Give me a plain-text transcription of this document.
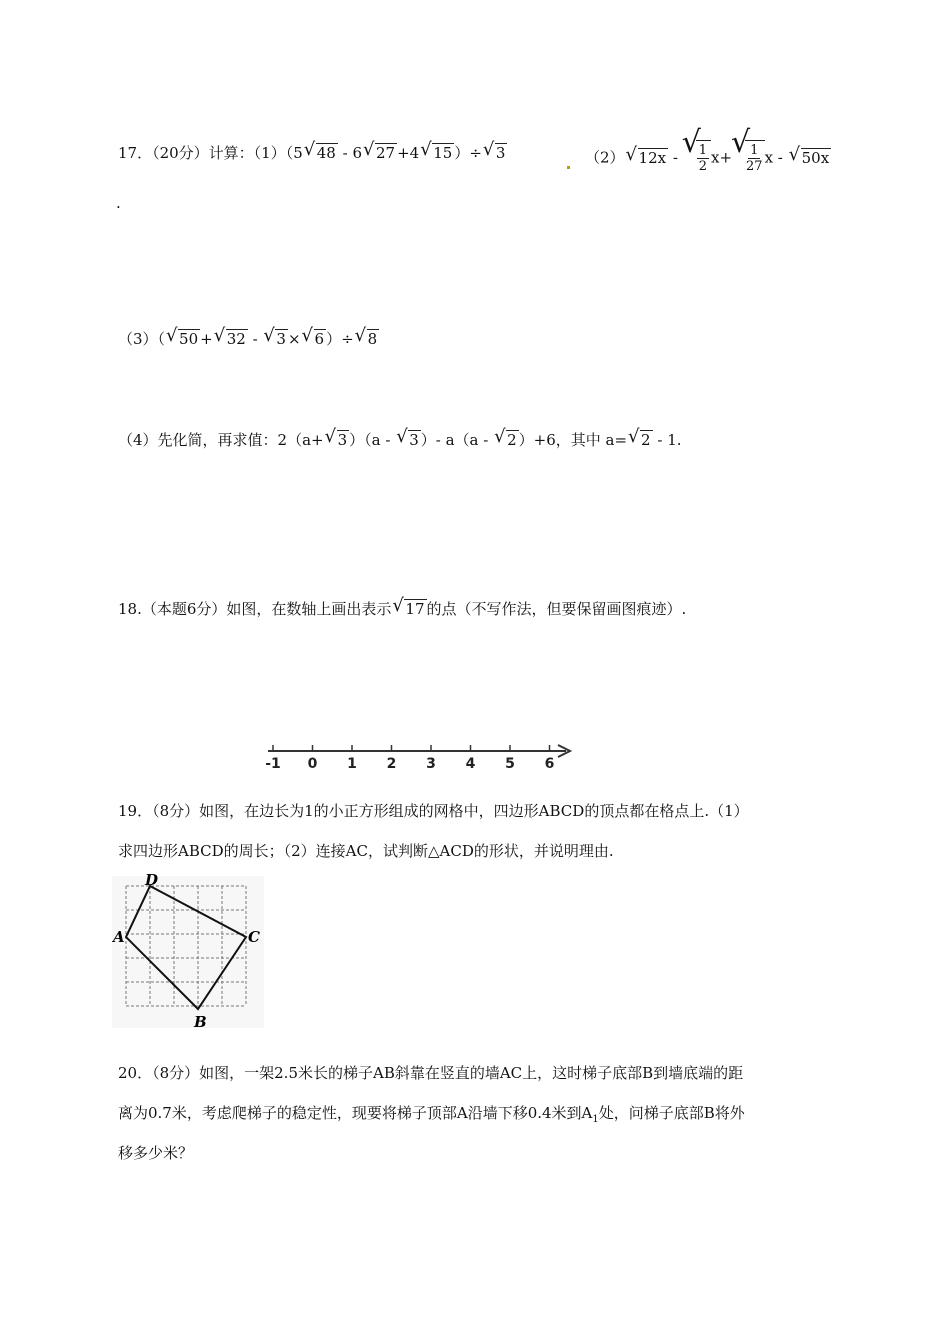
17．（20分）计算：（1）（5 √ 48 - 6 √ 27 +4 √ 15 ）÷ √ 3	（2） √ 12x - √ $\frac{1}{2} x+$ √ $\frac{1}{27}$ x - √ 50x
.
（3）（ √ 50 + √ 32 - √ 3 × √ 6 ）÷ √ 8
（4）先化简，再求值：2（a+ √ 3 ）（a - √ 3 ）- a（a - √ 2 ）+6，其中 a= √ 2 - 1.
18.（本题6分）如图，在数轴上画出表示 √ 17 的点（不写作法，但要保留画图痕迹）.
-1 0 1 2 3 4 5 6
19．（8分）如图，在边长为1的小正方形组成的网格中，四边形ABCD的顶点都在格点上.（1）
求四边形ABCD的周长；（2）连接AC，试判断△ACD的形状，并说明理由.
A
D
C
B
20．（8分）如图，一架2.5米长的梯子AB斜靠在竖直的墙AC上，这时梯子底部B到墙底端的距
离为0.7米，考虑爬梯子的稳定性，现要将梯子顶部A沿墙下移0.4米到$A_1$处，问梯子底部B将外
移多少米？
